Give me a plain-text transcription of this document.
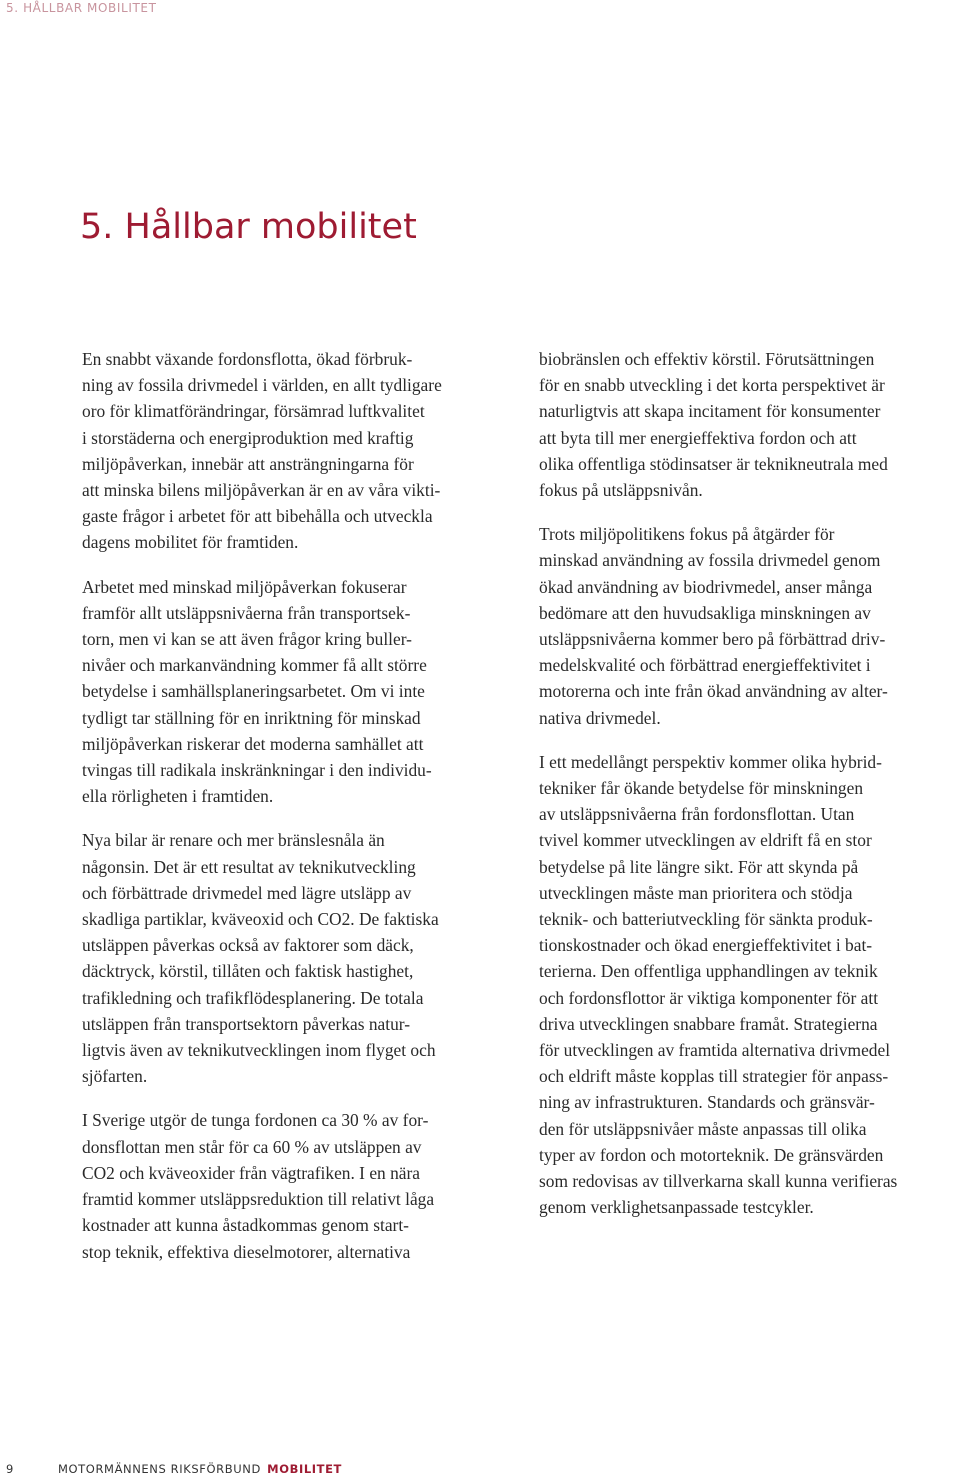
5. HÅLLBAR MOBILITET
5. Hållbar mobilitet

En snabbt växande fordonsflotta, ökad förbruk-
ning av fossila drivmedel i världen, en allt tydligare
oro för klimatförändringar, försämrad luftkvalitet
i storstäderna och energiproduktion med kraftig
miljöpåverkan, innebär att ansträngningarna för
att minska bilens miljöpåverkan är en av våra vikti-
gaste frågor i arbetet för att bibehålla och utveckla
dagens mobilitet för framtiden.

Arbetet med minskad miljöpåverkan fokuserar
framför allt utsläppsnivåerna från transportsek-
torn, men vi kan se att även frågor kring buller-
nivåer och markanvändning kommer få allt större
betydelse i samhällsplaneringsarbetet. Om vi inte
tydligt tar ställning för en inriktning för minskad
miljöpåverkan riskerar det moderna samhället att
tvingas till radikala inskränkningar i den individu-
ella rörligheten i framtiden.

Nya bilar är renare och mer bränslesnåla än
någonsin. Det är ett resultat av teknikutveckling
och förbättrade drivmedel med lägre utsläpp av
skadliga partiklar, kväveoxid och CO2. De faktiska
utsläppen påverkas också av faktorer som däck,
däcktryck, körstil, tillåten och faktisk hastighet,
trafikledning och trafikflödesplanering. De totala
utsläppen från transportsektorn påverkas natur-
ligtvis även av teknikutvecklingen inom flyget och
sjöfarten.

I Sverige utgör de tunga fordonen ca 30 % av for-
donsflottan men står för ca 60 % av utsläppen av
CO2 och kväveoxider från vägtrafiken. I en nära
framtid kommer utsläppsreduktion till relativt låga
kostnader att kunna åstadkommas genom start-
stop teknik, effektiva dieselmotorer, alternativa

biobränslen och effektiv körstil. Förutsättningen
för en snabb utveckling i det korta perspektivet är
naturligtvis att skapa incitament för konsumenter
att byta till mer energieffektiva fordon och att
olika offentliga stödinsatser är teknikneutrala med
fokus på utsläppsnivån.

Trots miljöpolitikens fokus på åtgärder för
minskad användning av fossila drivmedel genom
ökad användning av biodrivmedel, anser många
bedömare att den huvudsakliga minskningen av
utsläppsnivåerna kommer bero på förbättrad driv-
medelskvalité och förbättrad energieffektivitet i
motorerna och inte från ökad användning av alter-
nativa drivmedel.

I ett medellångt perspektiv kommer olika hybrid-
tekniker får ökande betydelse för minskningen
av utsläppsnivåerna från fordonsflottan. Utan
tvivel kommer utvecklingen av eldrift få en stor
betydelse på lite längre sikt. För att skynda på
utvecklingen måste man prioritera och stödja
teknik- och batteriutveckling för sänkta produk-
tionskostnader och ökad energieffektivitet i bat-
terierna. Den offentliga upphandlingen av teknik
och fordonsflottor är viktiga komponenter för att
driva utvecklingen snabbare framåt. Strategierna
för utvecklingen av framtida alternativa drivmedel
och eldrift måste kopplas till strategier för anpass-
ning av infrastrukturen. Standards och gränsvär-
den för utsläppsnivåer måste anpassas till olika
typer av fordon och motorteknik. De gränsvärden
som redovisas av tillverkarna skall kunna verifieras
genom verklighetsanpassade testcykler.

9	MOTORMÄNNENS RIKSFÖRBUND MOBILITET
